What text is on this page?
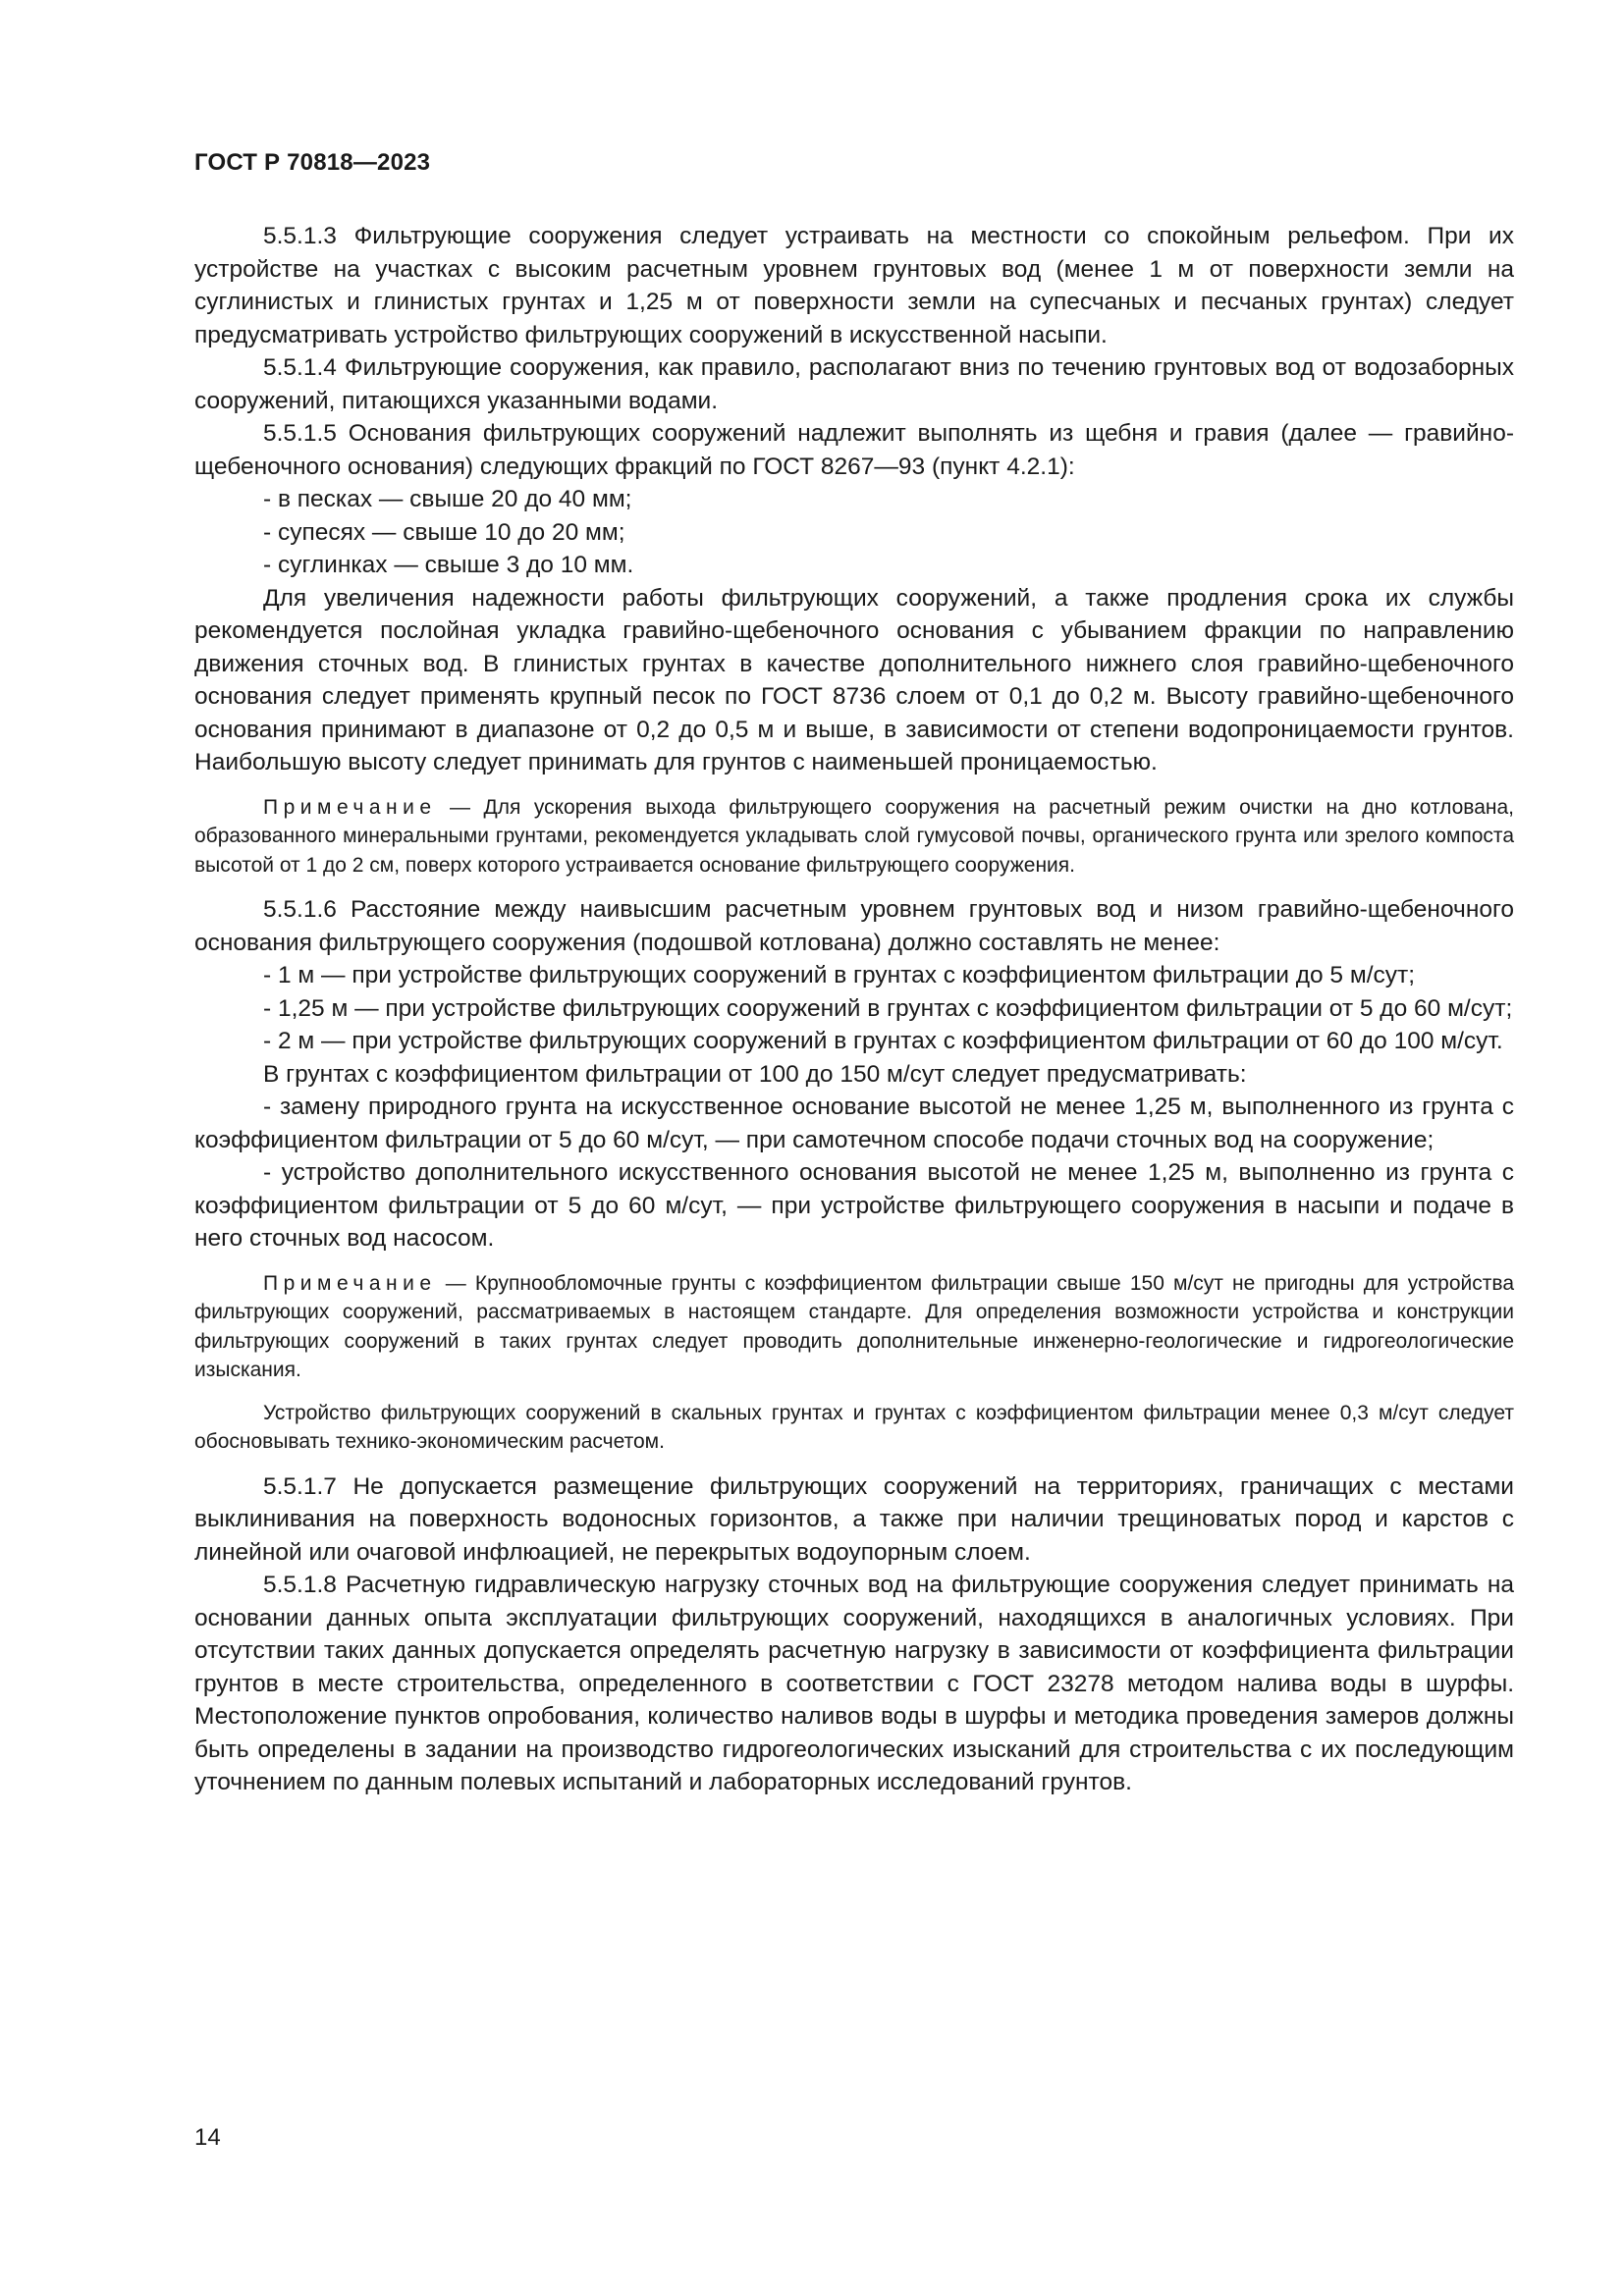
ГОСТ Р 70818—2023

5.5.1.3 Фильтрующие сооружения следует устраивать на местности со спокойным рельефом. При их устройстве на участках с высоким расчетным уровнем грунтовых вод (менее 1 м от поверхности земли на суглинистых и глинистых грунтах и 1,25 м от поверхности земли на супесчаных и песчаных грунтах) следует предусматривать устройство фильтрующих сооружений в искусственной насыпи.

5.5.1.4 Фильтрующие сооружения, как правило, располагают вниз по течению грунтовых вод от водозаборных сооружений, питающихся указанными водами.

5.5.1.5 Основания фильтрующих сооружений надлежит выполнять из щебня и гравия (далее — гравийно-щебеночного основания) следующих фракций по ГОСТ 8267—93 (пункт 4.2.1):

- в песках — свыше 20 до 40 мм;

- супесях — свыше 10 до 20 мм;

- суглинках — свыше 3 до 10 мм.

Для увеличения надежности работы фильтрующих сооружений, а также продления срока их службы рекомендуется послойная укладка гравийно-щебеночного основания с убыванием фракции по направлению движения сточных вод. В глинистых грунтах в качестве дополнительного нижнего слоя гравийно-щебеночного основания следует применять крупный песок по ГОСТ 8736 слоем от 0,1 до 0,2 м. Высоту гравийно-щебеночного основания принимают в диапазоне от 0,2 до 0,5 м и выше, в зависимости от степени водопроницаемости грунтов. Наибольшую высоту следует принимать для грунтов с наименьшей проницаемостью.

Примечание — Для ускорения выхода фильтрующего сооружения на расчетный режим очистки на дно котлована, образованного минеральными грунтами, рекомендуется укладывать слой гумусовой почвы, органического грунта или зрелого компоста высотой от 1 до 2 см, поверх которого устраивается основание фильтрующего сооружения.

5.5.1.6 Расстояние между наивысшим расчетным уровнем грунтовых вод и низом гравийно-щебеночного основания фильтрующего сооружения (подошвой котлована) должно составлять не менее:

- 1 м — при устройстве фильтрующих сооружений в грунтах с коэффициентом фильтрации до 5 м/сут;

- 1,25 м — при устройстве фильтрующих сооружений в грунтах с коэффициентом фильтрации от 5 до 60 м/сут;

- 2 м — при устройстве фильтрующих сооружений в грунтах с коэффициентом фильтрации от 60 до 100 м/сут.

В грунтах с коэффициентом фильтрации от 100 до 150 м/сут следует предусматривать:

- замену природного грунта на искусственное основание высотой не менее 1,25 м, выполненного из грунта с коэффициентом фильтрации от 5 до 60 м/сут, — при самотечном способе подачи сточных вод на сооружение;

- устройство дополнительного искусственного основания высотой не менее 1,25 м, выполненно из грунта с коэффициентом фильтрации от 5 до 60 м/сут, — при устройстве фильтрующего сооружения в насыпи и подаче в него сточных вод насосом.

Примечание — Крупнообломочные грунты с коэффициентом фильтрации свыше 150 м/сут не пригодны для устройства фильтрующих сооружений, рассматриваемых в настоящем стандарте. Для определения возможности устройства и конструкции фильтрующих сооружений в таких грунтах следует проводить дополнительные инженерно-геологические и гидрогеологические изыскания.

Устройство фильтрующих сооружений в скальных грунтах и грунтах с коэффициентом фильтрации менее 0,3 м/сут следует обосновывать технико-экономическим расчетом.

5.5.1.7 Не допускается размещение фильтрующих сооружений на территориях, граничащих с местами выклинивания на поверхность водоносных горизонтов, а также при наличии трещиноватых пород и карстов с линейной или очаговой инфлюацией, не перекрытых водоупорным слоем.

5.5.1.8 Расчетную гидравлическую нагрузку сточных вод на фильтрующие сооружения следует принимать на основании данных опыта эксплуатации фильтрующих сооружений, находящихся в аналогичных условиях. При отсутствии таких данных допускается определять расчетную нагрузку в зависимости от коэффициента фильтрации грунтов в месте строительства, определенного в соответствии с ГОСТ 23278 методом налива воды в шурфы. Местоположение пунктов опробования, количество наливов воды в шурфы и методика проведения замеров должны быть определены в задании на производство гидрогеологических изысканий для строительства с их последующим уточнением по данным полевых испытаний и лабораторных исследований грунтов.

14
